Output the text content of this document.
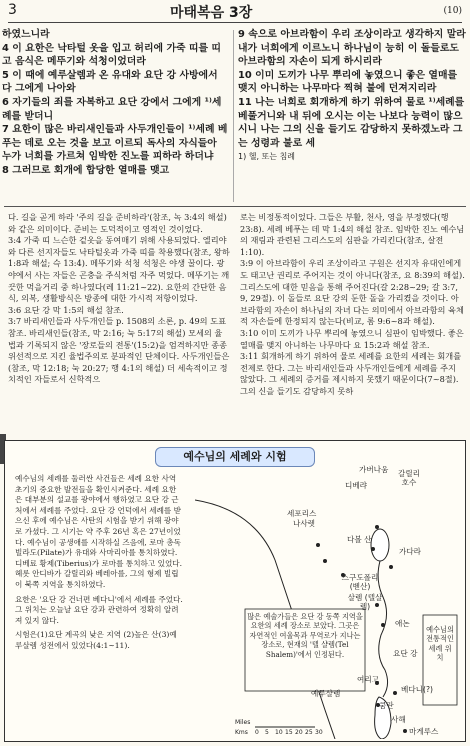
3	마태복음 3장	(10)
하였느니라
4 이 요한은 낙타털 옷을 입고 허리에 가죽 띠를 띠고 음식은 메뚜기와 석청이었더라
5 이 때에 예루살렘과 온 유대와 요단 강 사방에서 다 그에게 나아와
6 자기들의 죄를 자복하고 요단 강에서 그에게 ¹⁾세례를 받더니
7 요한이 많은 바리새인들과 사두개인들이 ¹⁾세례 베푸는 데로 오는 것을 보고 이르되 독사의 자식들아 누가 너희를 가르쳐 임박한 진노를 피하라 하더냐
8 그러므로 회개에 합당한 열매를 맺고
9 속으로 아브라함이 우리 조상이라고 생각하지 말라 내가 너희에게 이르노니 하나님이 능히 이 돌들로도 아브라함의 자손이 되게 하시리라
10 이미 도끼가 나무 뿌리에 놓였으니 좋은 열매를 맺지 아니하는 나무마다 찍혀 불에 던져지리라
11 나는 너희로 회개하게 하기 위하여 물로 ¹⁾세례를 베풀거니와 내 뒤에 오시는 이는 나보다 능력이 많으시니 나는 그의 신을 들기도 감당하지 못하겠노라 그는 성령과 불로 세
1) 헬, 또는 침례

다. 길을 곧게 하라 '주의 길을 준비하라'(참조, 녹 3:4의 해설)와 같은 의미이다. 준비는 도덕적이고 영적인 것이었다.

3:4 가죽 띠 느슨한 겉옷을 동여매기 위해 사용되었다. 엘리야와 다른 선지자들도 낙타털옷과 가죽 띠를 착용했다(참조, 왕하 1:8과 해설; 슥 13:4). 메뚜기와 석청 석청은 야생 꿀이다. 광야에서 사는 자들은 곤충을 주식처럼 자주 먹었다. 메뚜기는 깨끗한 먹을거리 중 하나였다(레 11:21~22). 요한의 간단한 음식, 의복, 생활방식은 방종에 대한 가시적 저항이었다.

3:6 요단 강 막 1:5의 해설 참조.

3:7 바리새인들과 사두개인들 p. 1508의 소론, p. 49의 도표 참조. 바리새인들(참조, 막 2:16; 눅 5:17의 해설) 모세의 율법과 기록되지 않은 '장로들의 전통'(15:2)을 엄격하지만 종종 위선적으로 지킨 율법주의로 분파적인 단체이다. 사두개인들은(참조, 막 12:18; 눅 20:27; 행 4:1의 해설) 더 세속적이고 정치적인 자들로서 신학적으

로는 비정통적이었다. 그들은 부활, 천사, 영을 부정했다(행 23:8). 세례 베푸는 데 막 1:4의 해설 참조. 임박한 진노 예수님의 재림과 관련된 그리스도의 심판을 가리킨다(참조, 살전 1:10).

3:9 이 아브라함이 우리 조상이라고 구원은 선지자 유대인에게도 태고난 권리로 주어지는 것이 아니다(참조, 요 8:39의 해설). 그리스도에 대한 믿음을 통해 주어진다(갈 2:28~29; 갈 3:7, 9, 29절). 이 돌들로 요단 강의 둔한 돌을 가리켰을 것이다. 아브라함의 자손이 하나님의 자녀 다는 의미에서 아브라함의 육체적 자손들에 한정되지 않는다(비교, 롬 9:6~8과 해설).

3:10 이미 도끼가 나무 뿌리에 놓였으니 심판이 임박했다. 좋은 열매를 맺지 아니하는 나무마다 요 15:2과 해설 참조.

3:11 회개하게 하기 위하여 물로 세례를 요한의 세례는 회개를 전제로 한다. 그는 바리새인들과 사두개인들에게 세례를 주지 않았다. 그 세례의 증거를 제시하지 못했기 때문이다(7~8절). 그의 신을 들기도 감당하지 못하

예수님의 세례와 시험

예수님의 세례를 둘러싼 사건들은 세례 요한 사역 초기의 중요한 발전들을 확인시켜준다. 세례 요한은 대부분의 설교를 광야에서 행하였고 요단 강 근처에서 세례를 주었다. 요단 강 언덕에서 세례를 받으신 후에 예수님은 사탄의 시험을 받기 위해 광야로 가셨다. 그 시기는 약 주후 26년 혹은 27년이었다. 예수님이 공생애를 시작하실 즈음에, 로마 총독 빌라도(Pilate)가 유대와 사마리아를 통치하였다. 디베료 황제(Tiberius)가 로마를 통치하고 있었다. 헤롯 안디바가 갈릴리와 베레아를, 그의 형제 빌립이 북쪽 지역을 통치하였다.

요한은 '요단 강 건너편 베다니'에서 세례를 주었다. 그 위치는 오늘날 요단 강과 관련하여 정확히 알려져 있지 않다.

시험은(1)요단 계곡의 낮은 지역 (2)높은 산(3)예루살렘 성전에서 있었다(4:1~11).

가버나움
디베랴
갈릴리 호수
세포리스
나사렛
다볼 산
가다라
스구도폴리 (벧산)
살렘 (텔살렘)
애논
요단 강
여리고
예루살렘
쿰란
베다니(?)
사해
마게루스
많은 예술가들은 요단 강 동쪽 지역을 요한의 세례 장소로 보았다. 그곳은 자연적인 여울목과 무역로가 지나는 장소로, 현재의 '텔 샬렘(Tel Shalem)'에서 인정된다.
예수님의 전통적인 세례 위치
Miles
Kms 0 5 10 15 20 25 30
